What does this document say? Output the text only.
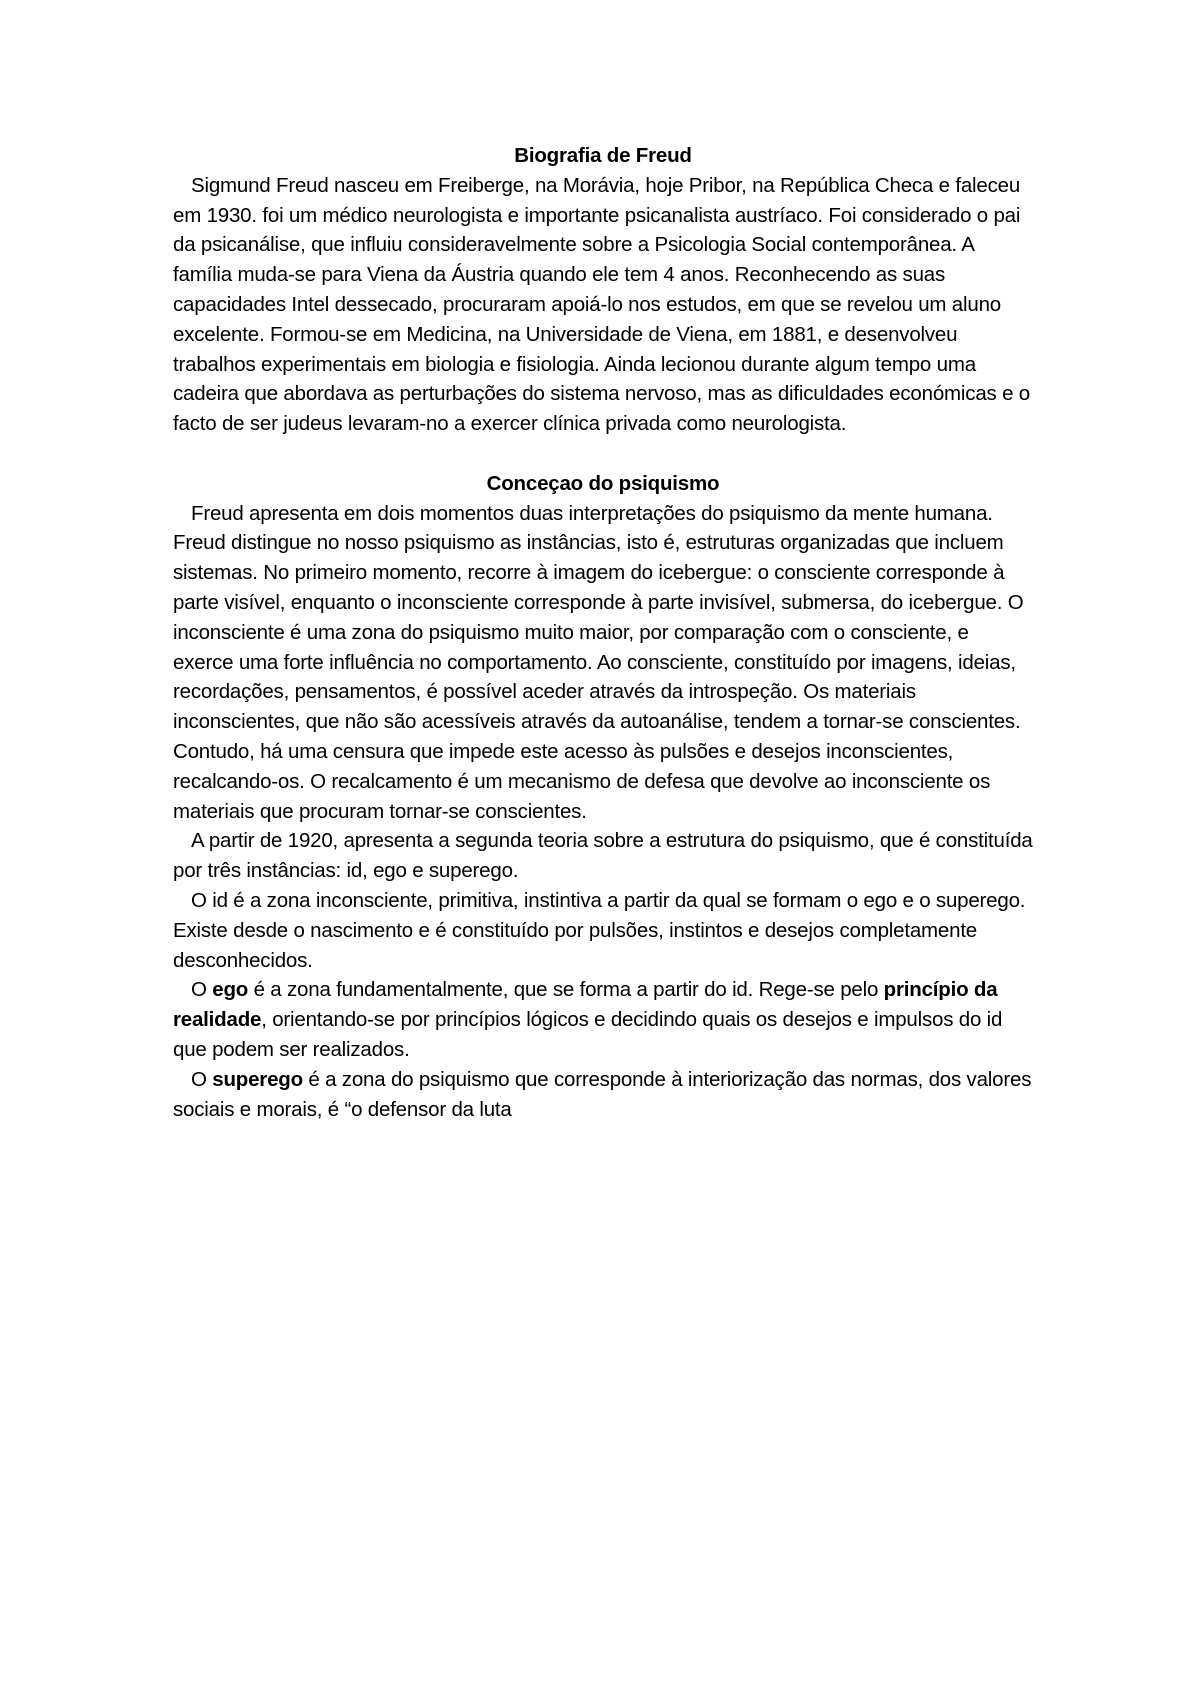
Biografia de Freud

Sigmund Freud nasceu em Freiberge, na Morávia, hoje Pribor, na República Checa e faleceu em 1930. foi um médico neurologista e importante psicanalista austríaco. Foi considerado o pai da psicanálise, que influiu consideravelmente sobre a Psicologia Social contemporânea. A família muda-se para Viena da Áustria quando ele tem 4 anos. Reconhecendo as suas capacidades Intel dessecado, procuraram apoiá-lo nos estudos, em que se revelou um aluno excelente. Formou-se em Medicina, na Universidade de Viena, em 1881, e desenvolveu trabalhos experimentais em biologia e fisiologia. Ainda lecionou durante algum tempo uma cadeira que abordava as perturbações do sistema nervoso, mas as dificuldades económicas e o facto de ser judeus levaram-no a exercer clínica privada como neurologista.

Conceçao do psiquismo

Freud apresenta em dois momentos duas interpretações do psiquismo da mente humana. Freud distingue no nosso psiquismo as instâncias, isto é, estruturas organizadas que incluem sistemas. No primeiro momento, recorre à imagem do icebergue: o consciente corresponde à parte visível, enquanto o inconsciente corresponde à parte invisível, submersa, do icebergue. O inconsciente é uma zona do psiquismo muito maior, por comparação com o consciente, e exerce uma forte influência no comportamento. Ao consciente, constituído por imagens, ideias, recordações, pensamentos, é possível aceder através da introspeção. Os materiais inconscientes, que não são acessíveis através da autoanálise, tendem a tornar-se conscientes. Contudo, há uma censura que impede este acesso às pulsões e desejos inconscientes, recalcando-os. O recalcamento é um mecanismo de defesa que devolve ao inconsciente os materiais que procuram tornar-se conscientes.

A partir de 1920, apresenta a segunda teoria sobre a estrutura do psiquismo, que é constituída por três instâncias: id, ego e superego.

O id é a zona inconsciente, primitiva, instintiva a partir da qual se formam o ego e o superego. Existe desde o nascimento e é constituído por pulsões, instintos e desejos completamente desconhecidos.

O ego é a zona fundamentalmente, que se forma a partir do id. Rege-se pelo princípio da realidade, orientando-se por princípios lógicos e decidindo quais os desejos e impulsos do id que podem ser realizados.

O superego é a zona do psiquismo que corresponde à interiorização das normas, dos valores sociais e morais, é “o defensor da luta
